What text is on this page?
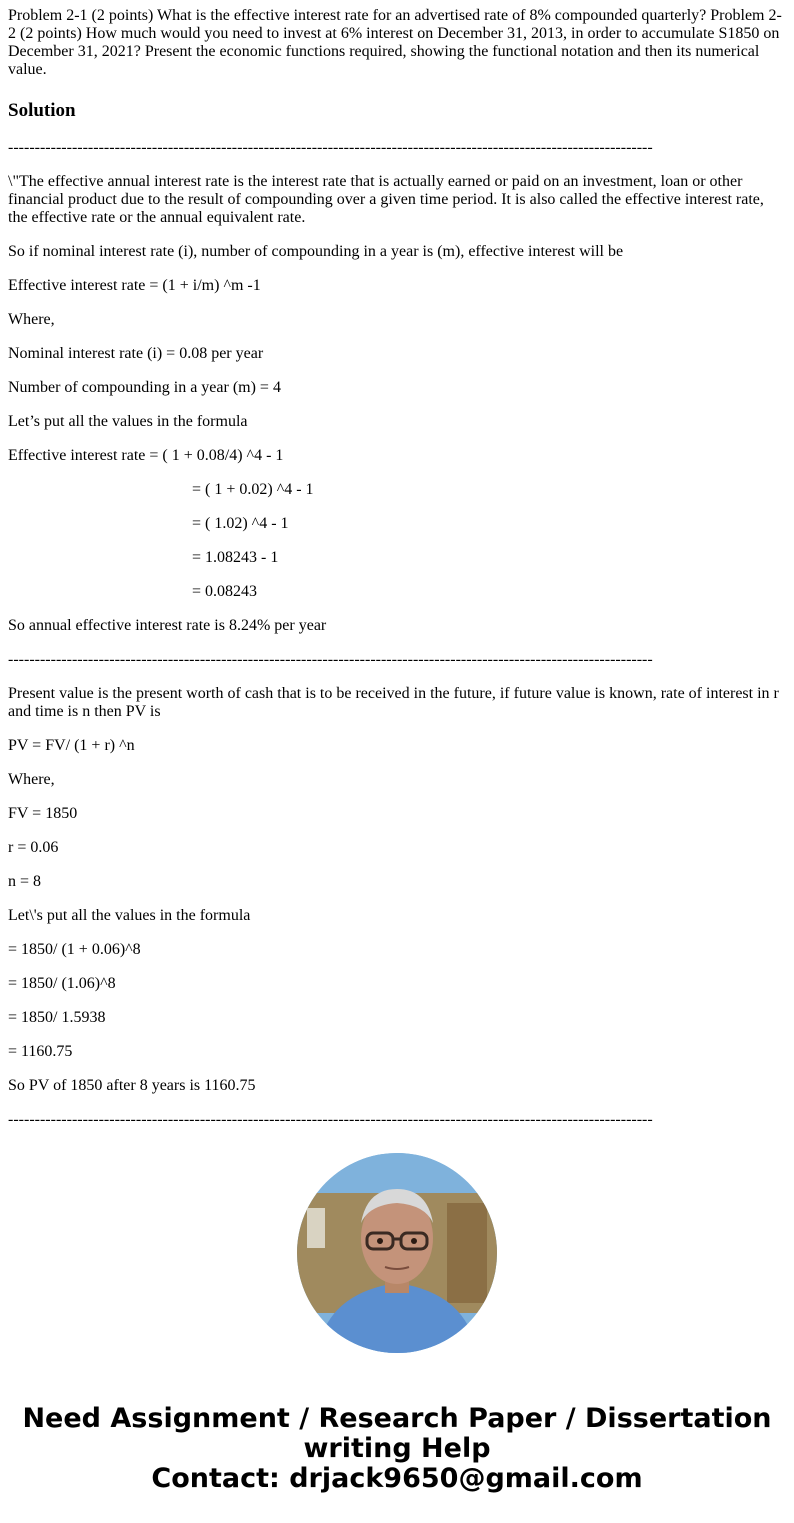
Problem 2-1 (2 points) What is the effective interest rate for an advertised rate of 8% compounded quarterly? Problem 2-2 (2 points) How much would you need to invest at 6% interest on December 31, 2013, in order to accumulate S1850 on December 31, 2021? Present the economic functions required, showing the functional notation and then its numerical value.

Solution

-------------------------------------------------------------------------------------------------------------------------

\"The effective annual interest rate is the interest rate that is actually earned or paid on an investment, loan or other financial product due to the result of compounding over a given time period. It is also called the effective interest rate, the effective rate or the annual equivalent rate.

So if nominal interest rate (i), number of compounding in a year is (m), effective interest will be

Effective interest rate = (1 + i/m) ^m -1

Where,

Nominal interest rate (i) = 0.08 per year

Number of compounding in a year (m) = 4

Let’s put all the values in the formula

Effective interest rate = ( 1 + 0.08/4) ^4 - 1

= ( 1 + 0.02) ^4 - 1

= ( 1.02) ^4 - 1

= 1.08243 - 1

= 0.08243

So annual effective interest rate is 8.24% per year

-------------------------------------------------------------------------------------------------------------------------

Present value is the present worth of cash that is to be received in the future, if future value is known, rate of interest in r and time is n then PV is

PV = FV/ (1 + r) ^n

Where,

FV = 1850

r = 0.06

n = 8

Let\'s put all the values in the formula

= 1850/ (1 + 0.06)^8

= 1850/ (1.06)^8

= 1850/ 1.5938

= 1160.75

So PV of 1850 after 8 years is 1160.75

-------------------------------------------------------------------------------------------------------------------------

Need Assignment / Research Paper / Dissertation
writing Help
Contact: drjack9650@gmail.com
